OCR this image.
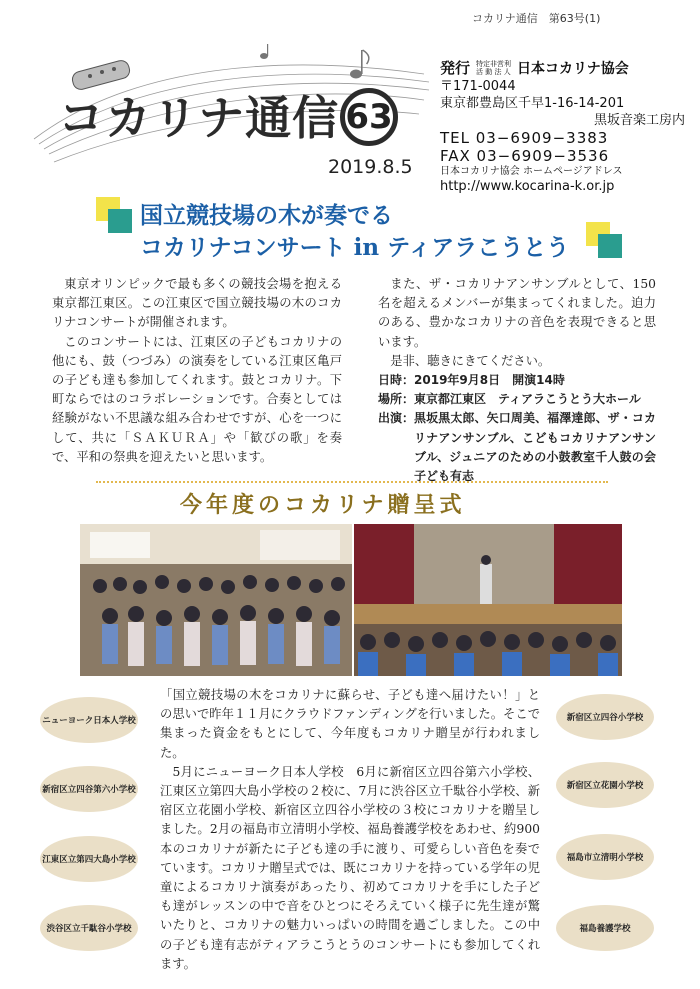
コカリナ通信　第63号(1)
コカリナ通信 63
2019.8.5
発行 特定非営利
活 動 法 人 日本コカリナ協会
〒171-0044
東京都豊島区千早1-16-14-201
黒坂音楽工房内
TEL 03−6909−3383
FAX 03−6909−3536
日本コカリナ協会 ホームページアドレス
http://www.kocarina-k.or.jp
国立競技場の木が奏でる
コカリナコンサート in ティアラこうとう

東京オリンピックで最も多くの競技会場を抱える東京都江東区。この江東区で国立競技場の木のコカリナコンサートが開催されます。

このコンサートには、江東区の子どもコカリナの他にも、鼓（つづみ）の演奏をしている江東区亀戸の子ども達も参加してくれます。鼓とコカリナ。下町ならではのコラボレーションです。合奏としては経験がない不思議な組み合わせですが、心を一つにして、共に「ＳＡＫＵＲＡ」や「歓びの歌」を奏で、平和の祭典を迎えたいと思います。

また、ザ・コカリナアンサンブルとして、150名を超えるメンバーが集まってくれました。迫力のある、豊かなコカリナの音色を表現できると思います。

是非、聴きにきてください。

日時： 2019年9月8日　開演14時
場所： 東京都江東区　ティアラこうとう大ホール
出演： 黒坂黒太郎、矢口周美、福澤達郎、ザ・コカリナアンサンブル、こどもコカリナアンサンブル、ジュニアのための小鼓教室千人鼓の会子ども有志
今年度のコカリナ贈呈式

「国立競技場の木をコカリナに蘇らせ、子ども達へ届けたい！」との思いで昨年１１月にクラウドファンディングを行いました。そこで集まった資金をもとにして、今年度もコカリナ贈呈が行われました。

　5月にニューヨーク日本人学校　6月に新宿区立四谷第六小学校、江東区立第四大島小学校の２校に、7月に渋谷区立千駄谷小学校、新宿区立花園小学校、新宿区立四谷小学校の３校にコカリナを贈呈しました。2月の福島市立清明小学校、福島養護学校をあわせ、約900本のコカリナが新たに子ども達の手に渡り、可愛らしい音色を奏でています。コカリナ贈呈式では、既にコカリナを持っている学年の児童によるコカリナ演奏があったり、初めてコカリナを手にした子ども達がレッスンの中で音をひとつにそろえていく様子に先生達が驚いたりと、コカリナの魅力いっぱいの時間を過ごしました。この中の子ども達有志がティアラこうとうのコンサートにも参加してくれます。

ニューヨーク日本人学校
新宿区立四谷第六小学校
江東区立第四大島小学校
渋谷区立千駄谷小学校
新宿区立四谷小学校
新宿区立花園小学校
福島市立清明小学校
福島養護学校
